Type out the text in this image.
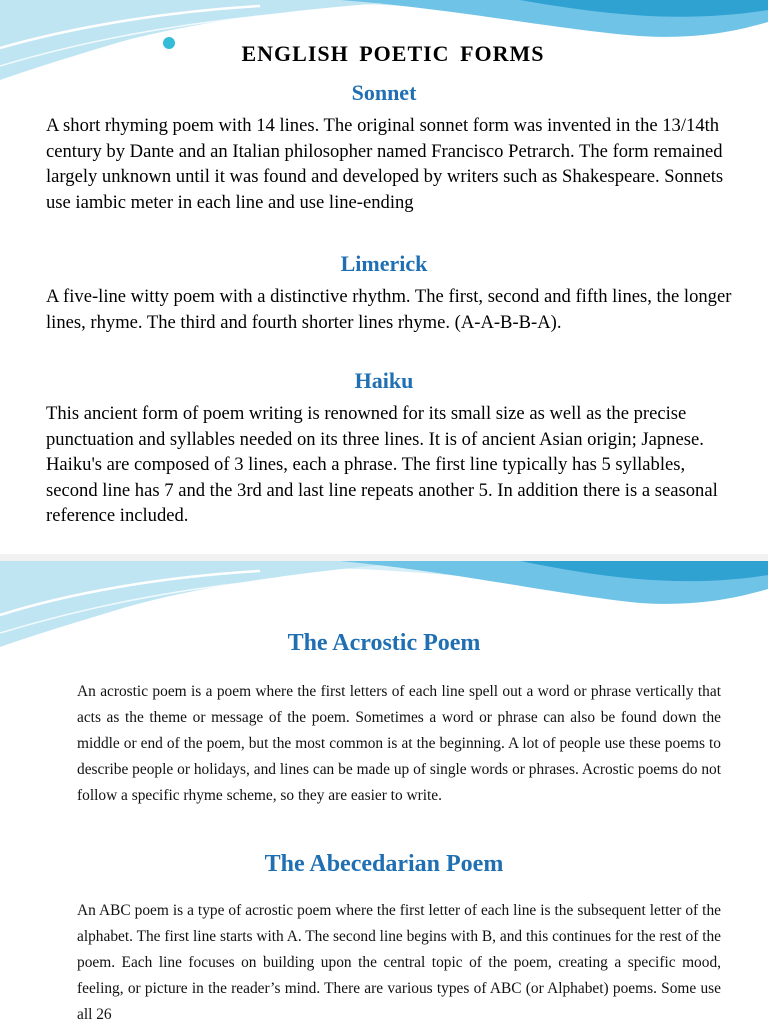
ENGLISH POETIC FORMS
Sonnet
A short rhyming poem with 14 lines. The original sonnet form was invented in the 13/14th century by Dante and an Italian philosopher named Francisco Petrarch. The form remained largely unknown until it was found and developed by writers such as Shakespeare. Sonnets use iambic meter in each line and use line-ending
Limerick
A five-line witty poem with a distinctive rhythm. The first, second and fifth lines, the longer lines, rhyme. The third and fourth shorter lines rhyme. (A-A-B-B-A).
Haiku
This ancient form of poem writing is renowned for its small size as well as the precise punctuation and syllables needed on its three lines. It is of ancient Asian origin; Japnese. Haiku's are composed of 3 lines, each a phrase. The first line typically has 5 syllables, second line has 7 and the 3rd and last line repeats another 5. In addition there is a seasonal reference included.
The Acrostic Poem
An acrostic poem is a poem where the first letters of each line spell out a word or phrase vertically that acts as the theme or message of the poem. Sometimes a word or phrase can also be found down the middle or end of the poem, but the most common is at the beginning. A lot of people use these poems to describe people or holidays, and lines can be made up of single words or phrases. Acrostic poems do not follow a specific rhyme scheme, so they are easier to write.
The Abecedarian Poem
An ABC poem is a type of acrostic poem where the first letter of each line is the subsequent letter of the alphabet. The first line starts with A. The second line begins with B, and this continues for the rest of the poem. Each line focuses on building upon the central topic of the poem, creating a specific mood, feeling, or picture in the reader’s mind. There are various types of ABC (or Alphabet) poems. Some use all 26
